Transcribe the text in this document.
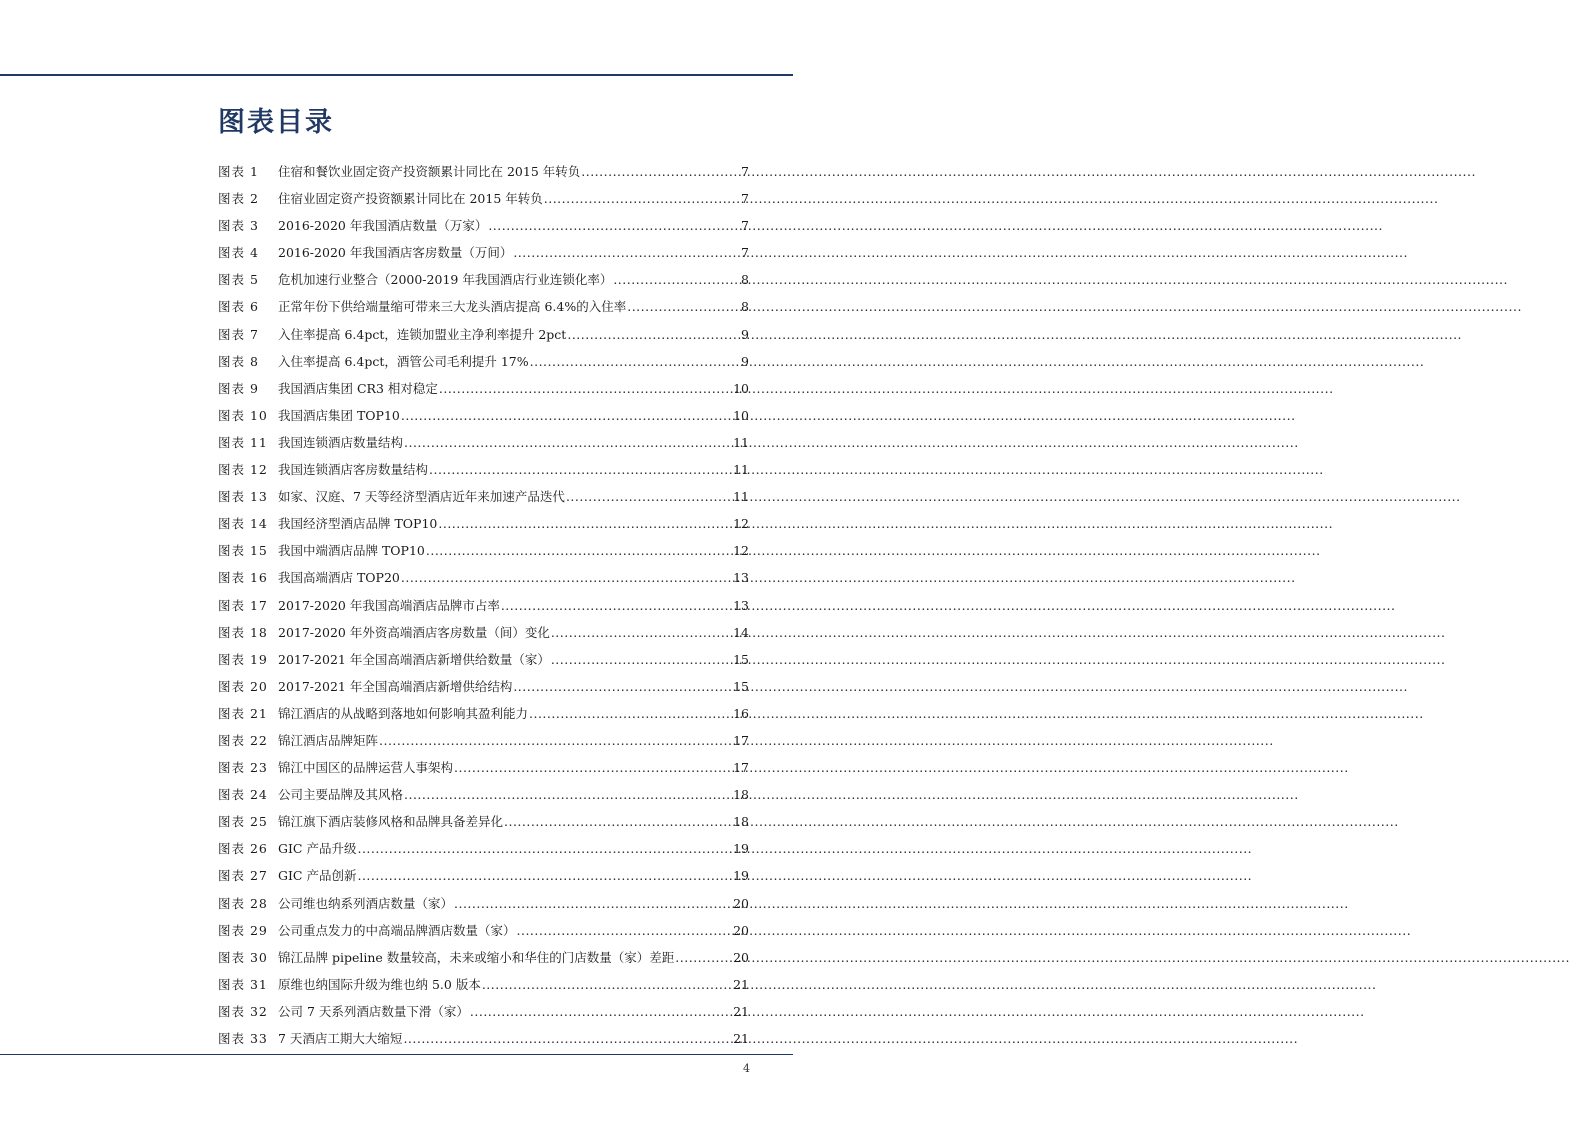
图表目录
图表 1	住宿和餐饮业固定资产投资额累计同比在 2015 年转负 .....	7
图表 2	住宿业固定资产投资额累计同比在 2015 年转负 .....	7
图表 3	2016-2020 年我国酒店数量（万家） .....	7
图表 4	2016-2020 年我国酒店客房数量（万间） .....	7
图表 5	危机加速行业整合（2000-2019 年我国酒店行业连锁化率） .....	8
图表 6	正常年份下供给端量缩可带来三大龙头酒店提高 6.4%的入住率 .....	8
图表 7	入住率提高 6.4pct，连锁加盟业主净利率提升 2pct .....	9
图表 8	入住率提高 6.4pct，酒管公司毛利提升 17% .....	9
图表 9	我国酒店集团 CR3 相对稳定 .....	10
图表 10 我国酒店集团 TOP10 .....	10
图表 11 我国连锁酒店数量结构 .....	11
图表 12 我国连锁酒店客房数量结构 .....	11
图表 13 如家、汉庭、7 天等经济型酒店近年来加速产品迭代 .....	11
图表 14 我国经济型酒店品牌 TOP10 .....	12
图表 15 我国中端酒店品牌 TOP10 .....	12
图表 16 我国高端酒店 TOP20 .....	13
图表 17 2017-2020 年我国高端酒店品牌市占率 .....	13
图表 18 2017-2020 年外资高端酒店客房数量（间）变化 .....	14
图表 19 2017-2021 年全国高端酒店新增供给数量（家） .....	15
图表 20 2017-2021 年全国高端酒店新增供给结构 .....	15
图表 21 锦江酒店的从战略到落地如何影响其盈利能力 .....	16
图表 22 锦江酒店品牌矩阵 .....	17
图表 23 锦江中国区的品牌运营人事架构 .....	17
图表 24 公司主要品牌及其风格 .....	18
图表 25 锦江旗下酒店装修风格和品牌具备差异化 .....	18
图表 26 GIC 产品升级 .....	19
图表 27 GIC 产品创新 .....	19
图表 28 公司维也纳系列酒店数量（家） .....	20
图表 29 公司重点发力的中高端品牌酒店数量（家） .....	20
图表 30 锦江品牌 pipeline 数量较高，未来或缩小和华住的门店数量（家）差距 .....	20
图表 31 原维也纳国际升级为维也纳 5.0 版本 .....	21
图表 32 公司 7 天系列酒店数量下滑（家） .....	21
图表 33 7 天酒店工期大大缩短 .....	21
4
